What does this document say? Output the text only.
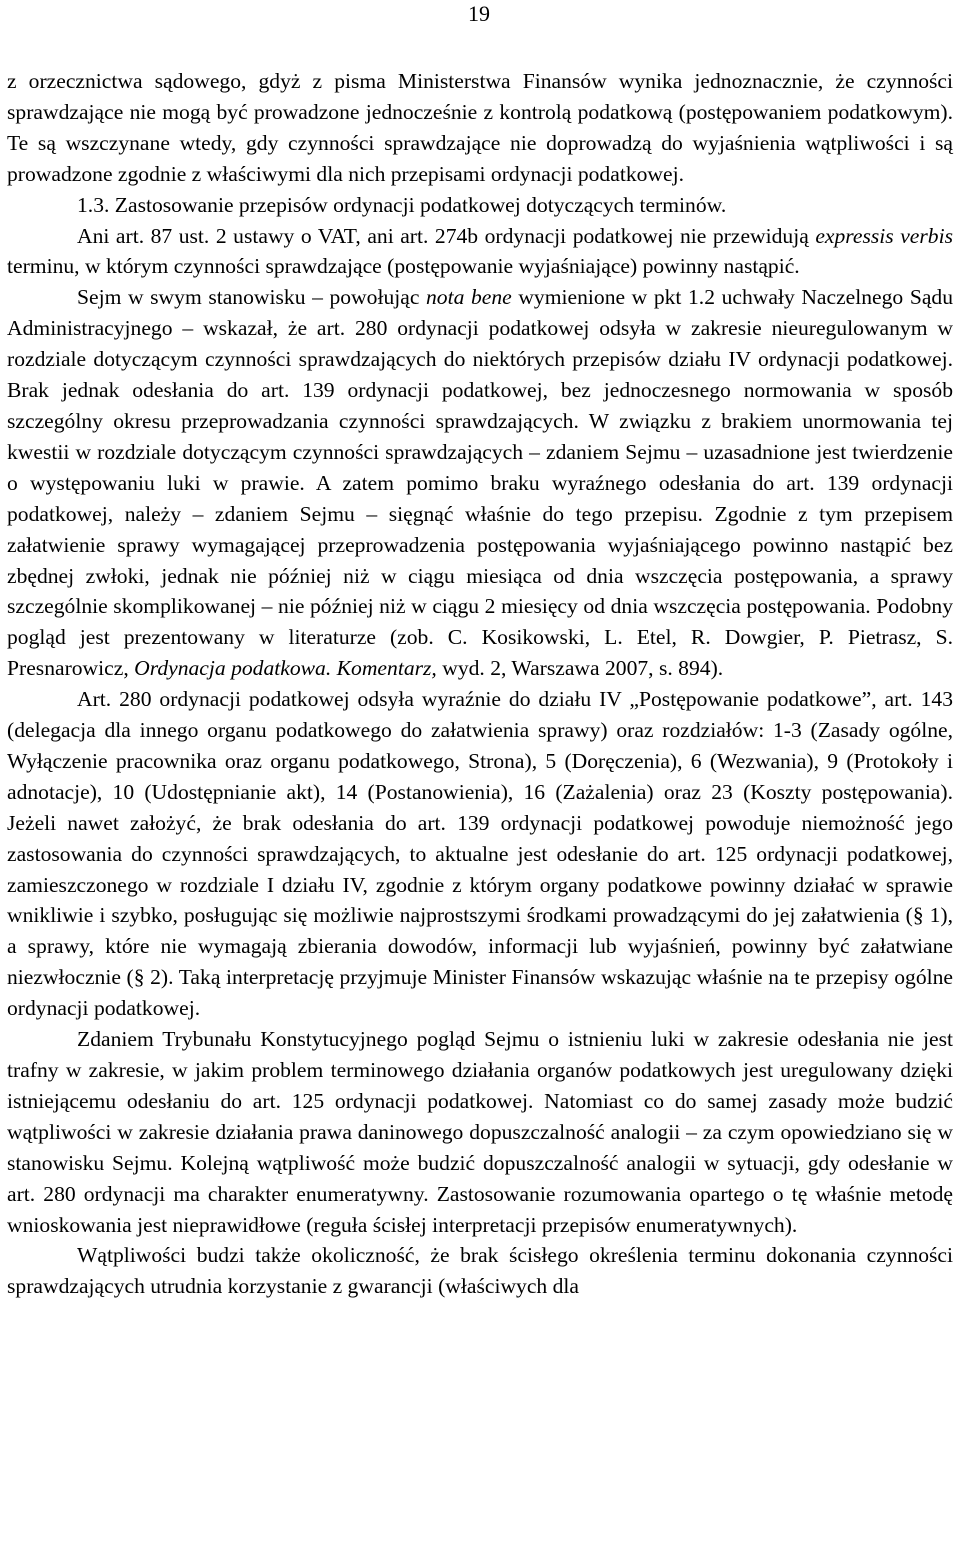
19

z orzecznictwa sądowego, gdyż z pisma Ministerstwa Finansów wynika jednoznacznie, że czynności sprawdzające nie mogą być prowadzone jednocześnie z kontrolą podatkową (postępowaniem podatkowym). Te są wszczynane wtedy, gdy czynności sprawdzające nie doprowadzą do wyjaśnienia wątpliwości i są prowadzone zgodnie z właściwymi dla nich przepisami ordynacji podatkowej.

1.3. Zastosowanie przepisów ordynacji podatkowej dotyczących terminów.

Ani art. 87 ust. 2 ustawy o VAT, ani art. 274b ordynacji podatkowej nie przewidują expressis verbis terminu, w którym czynności sprawdzające (postępowanie wyjaśniające) powinny nastąpić.

Sejm w swym stanowisku – powołując nota bene wymienione w pkt 1.2 uchwały Naczelnego Sądu Administracyjnego – wskazał, że art. 280 ordynacji podatkowej odsyła w zakresie nieuregulowanym w rozdziale dotyczącym czynności sprawdzających do niektórych przepisów działu IV ordynacji podatkowej. Brak jednak odesłania do art. 139 ordynacji podatkowej, bez jednoczesnego normowania w sposób szczególny okresu przeprowadzania czynności sprawdzających. W związku z brakiem unormowania tej kwestii w rozdziale dotyczącym czynności sprawdzających – zdaniem Sejmu – uzasadnione jest twierdzenie o występowaniu luki w prawie. A zatem pomimo braku wyraźnego odesłania do art. 139 ordynacji podatkowej, należy – zdaniem Sejmu – sięgnąć właśnie do tego przepisu. Zgodnie z tym przepisem załatwienie sprawy wymagającej przeprowadzenia postępowania wyjaśniającego powinno nastąpić bez zbędnej zwłoki, jednak nie później niż w ciągu miesiąca od dnia wszczęcia postępowania, a sprawy szczególnie skomplikowanej – nie później niż w ciągu 2 miesięcy od dnia wszczęcia postępowania. Podobny pogląd jest prezentowany w literaturze (zob. C. Kosikowski, L. Etel, R. Dowgier, P. Pietrasz, S. Presnarowicz, Ordynacja podatkowa. Komentarz, wyd. 2, Warszawa 2007, s. 894).

Art. 280 ordynacji podatkowej odsyła wyraźnie do działu IV „Postępowanie podatkowe”, art. 143 (delegacja dla innego organu podatkowego do załatwienia sprawy) oraz rozdziałów: 1-3 (Zasady ogólne, Wyłączenie pracownika oraz organu podatkowego, Strona), 5 (Doręczenia), 6 (Wezwania), 9 (Protokoły i adnotacje), 10 (Udostępnianie akt), 14 (Postanowienia), 16 (Zażalenia) oraz 23 (Koszty postępowania). Jeżeli nawet założyć, że brak odesłania do art. 139 ordynacji podatkowej powoduje niemożność jego zastosowania do czynności sprawdzających, to aktualne jest odesłanie do art. 125 ordynacji podatkowej, zamieszczonego w rozdziale I działu IV, zgodnie z którym organy podatkowe powinny działać w sprawie wnikliwie i szybko, posługując się możliwie najprostszymi środkami prowadzącymi do jej załatwienia (§ 1), a sprawy, które nie wymagają zbierania dowodów, informacji lub wyjaśnień, powinny być załatwiane niezwłocznie (§ 2). Taką interpretację przyjmuje Minister Finansów wskazując właśnie na te przepisy ogólne ordynacji podatkowej.

Zdaniem Trybunału Konstytucyjnego pogląd Sejmu o istnieniu luki w zakresie odesłania nie jest trafny w zakresie, w jakim problem terminowego działania organów podatkowych jest uregulowany dzięki istniejącemu odesłaniu do art. 125 ordynacji podatkowej. Natomiast co do samej zasady może budzić wątpliwości w zakresie działania prawa daninowego dopuszczalność analogii – za czym opowiedziano się w stanowisku Sejmu. Kolejną wątpliwość może budzić dopuszczalność analogii w sytuacji, gdy odesłanie w art. 280 ordynacji ma charakter enumeratywny. Zastosowanie rozumowania opartego o tę właśnie metodę wnioskowania jest nieprawidłowe (reguła ścisłej interpretacji przepisów enumeratywnych).

Wątpliwości budzi także okoliczność, że brak ścisłego określenia terminu dokonania czynności sprawdzających utrudnia korzystanie z gwarancji (właściwych dla
